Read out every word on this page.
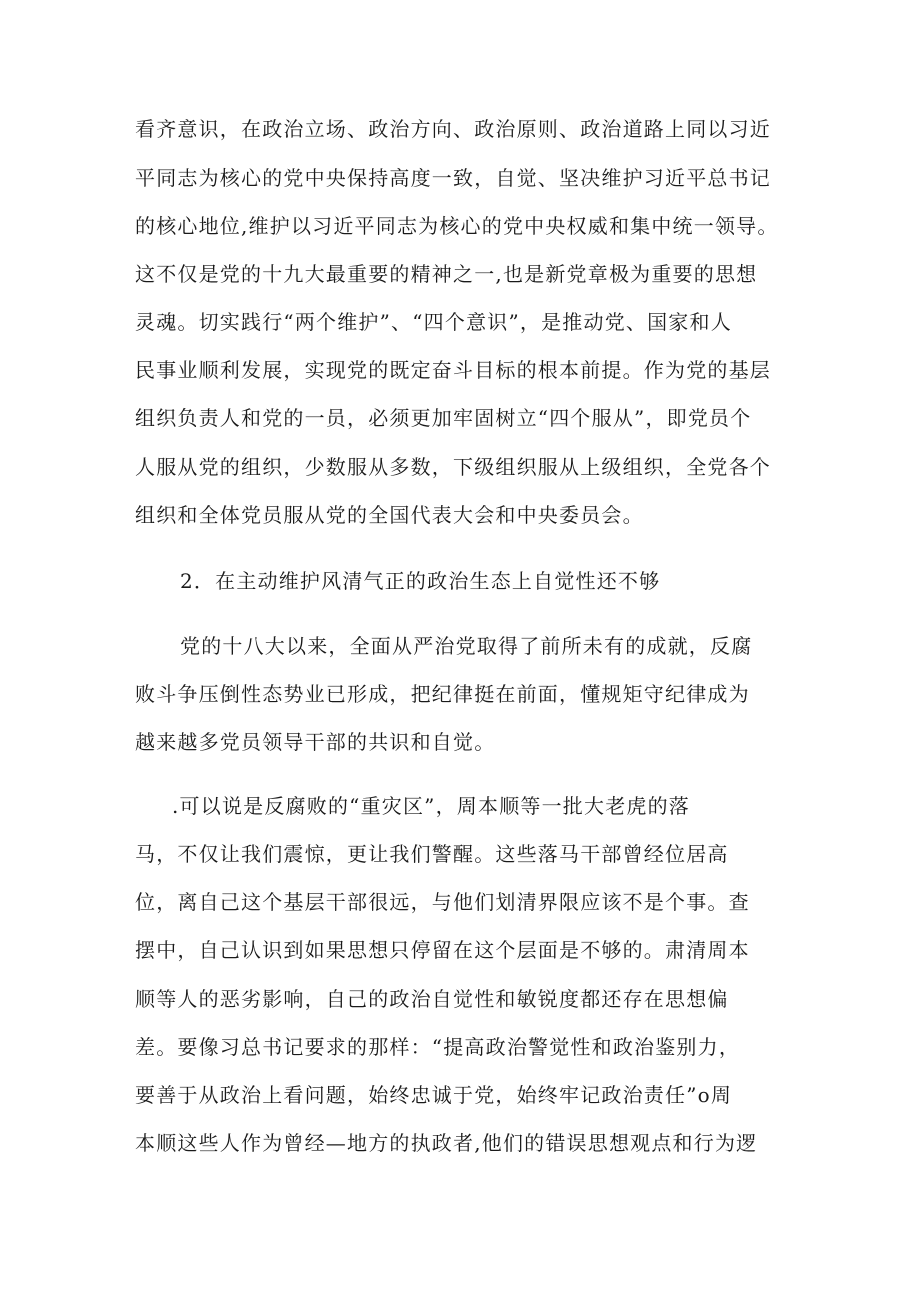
看齐意识，在政治立场、政治方向、政治原则、政治道路上同以习近
平同志为核心的党中央保持高度一致，自觉、坚决维护习近平总书记
的核心地位,维护以习近平同志为核心的党中央权威和集中统一领导。
这不仅是党的十九大最重要的精神之一,也是新党章极为重要的思想
灵魂。切实践行“两个维护”、“四个意识”，是推动党、国家和人
民事业顺利发展，实现党的既定奋斗目标的根本前提。作为党的基层
组织负责人和党的一员，必须更加牢固树立“四个服从”，即党员个
人服从党的组织，少数服从多数，下级组织服从上级组织，全党各个
组织和全体党员服从党的全国代表大会和中央委员会。
2．在主动维护风清气正的政治生态上自觉性还不够
党的十八大以来，全面从严治党取得了前所未有的成就，反腐
败斗争压倒性态势业已形成，把纪律挺在前面，懂规矩守纪律成为
越来越多党员领导干部的共识和自觉。
.可以说是反腐败的“重灾区”，周本顺等一批大老虎的落
马，不仅让我们震惊，更让我们警醒。这些落马干部曾经位居高
位，离自己这个基层干部很远，与他们划清界限应该不是个事。查
摆中，自己认识到如果思想只停留在这个层面是不够的。肃清周本
顺等人的恶劣影响，自己的政治自觉性和敏锐度都还存在思想偏
差。要像习总书记要求的那样：“提高政治警觉性和政治鉴别力，
要善于从政治上看问题，始终忠诚于党，始终牢记政治责任”o周
本顺这些人作为曾经—地方的执政者,他们的错误思想观点和行为逻
